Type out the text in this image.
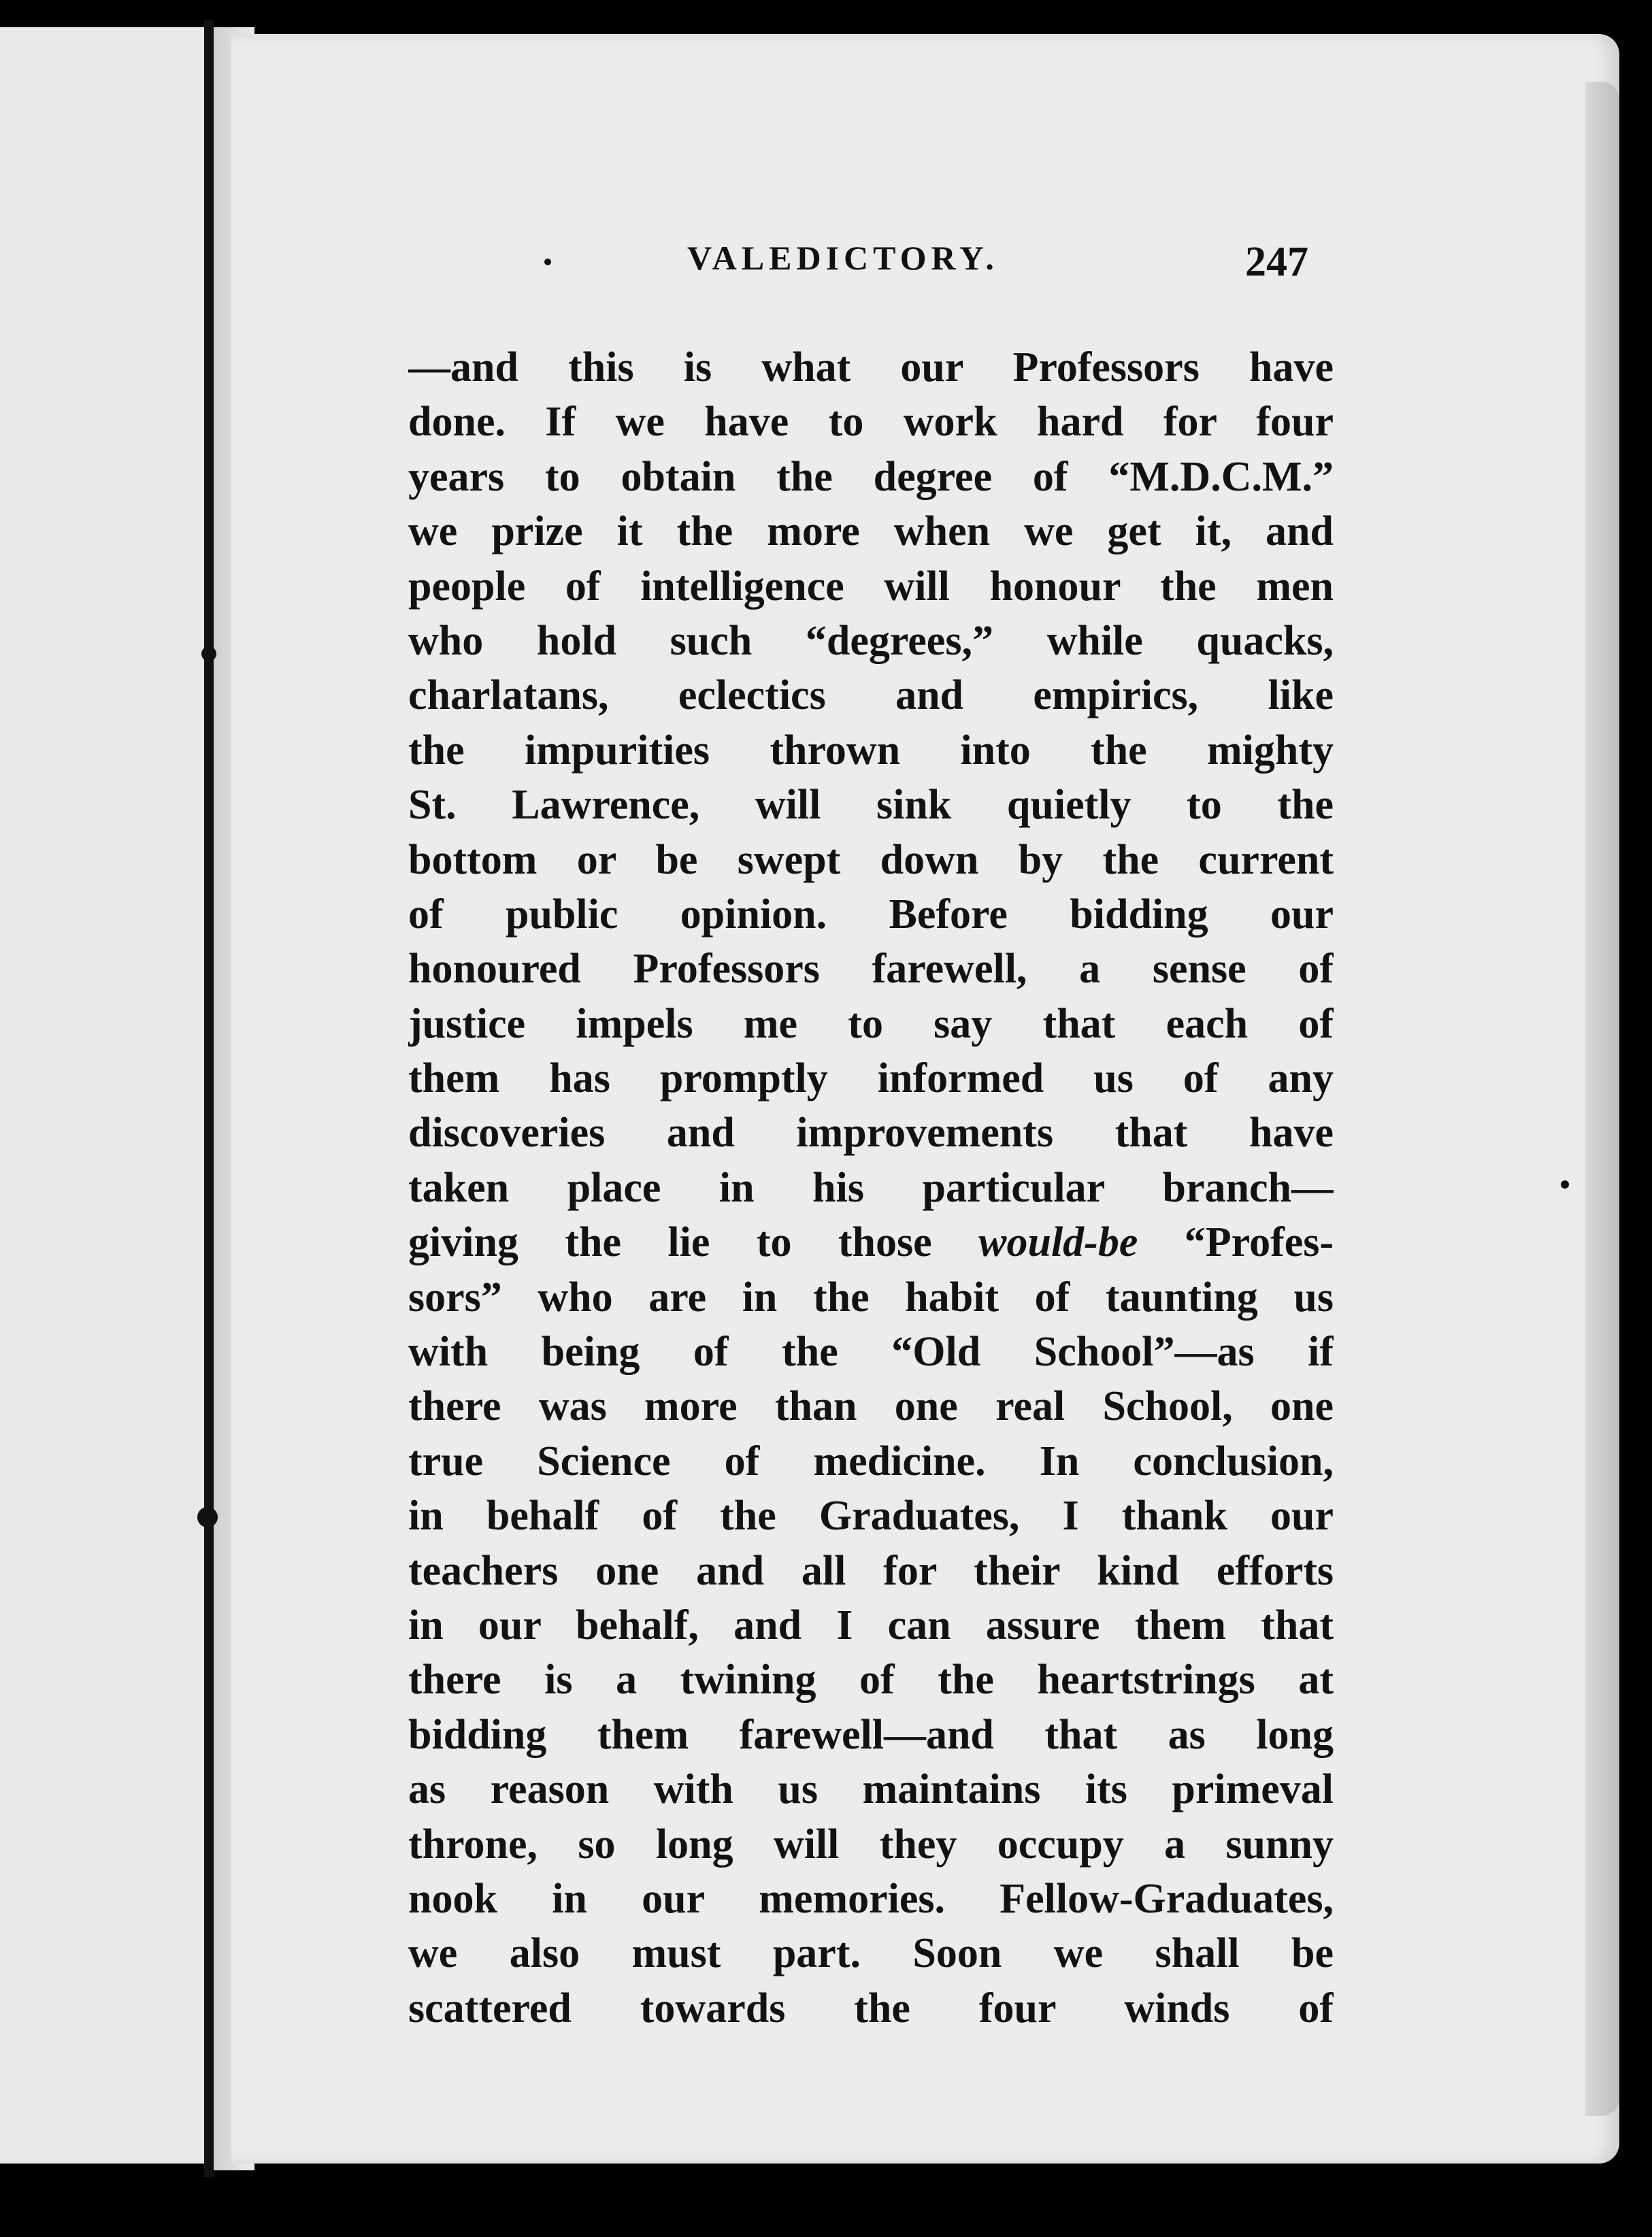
VALEDICTORY.	247
—and this is what our Professors have
done. If we have to work hard for four
years to obtain the degree of “M.D.C.M.”
we prize it the more when we get it, and
people of intelligence will honour the men
who hold such “degrees,” while quacks,
charlatans, eclectics and empirics, like
the impurities thrown into the mighty
St. Lawrence, will sink quietly to the
bottom or be swept down by the current
of public opinion. Before bidding our
honoured Professors farewell, a sense of
justice impels me to say that each of
them has promptly informed us of any
discoveries and improvements that have
taken place in his particular branch—
giving the lie to those would-be “Profes-
sors” who are in the habit of taunting us
with being of the “Old School”—as if
there was more than one real School, one
true Science of medicine. In conclusion,
in behalf of the Graduates, I thank our
teachers one and all for their kind efforts
in our behalf, and I can assure them that
there is a twining of the heartstrings at
bidding them farewell—and that as long
as reason with us maintains its primeval
throne, so long will they occupy a sunny
nook in our memories. Fellow-Graduates,
we also must part. Soon we shall be
scattered towards the four winds of
